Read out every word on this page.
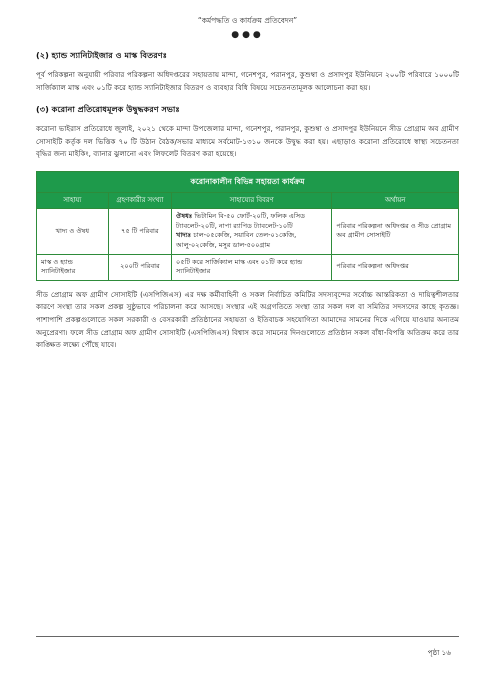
“কর্মপদ্ধতি ও কার্যক্রম প্রতিবেদন”
●●●
(২) হ্যান্ড স্যানিটাইজার ও মাস্ক বিতরণঃ

পূর্ব পরিকল্পনা অনুযায়ী পরিবার পরিকল্পনা অধিদপ্তরের সহায়তায় মান্দা, গনেশপুর, পরানপুর, কুশুম্বা ও প্রসাদপুর ইউনিয়নে ২০০টি পরিবারে ১০০০টি সার্জিক্যাল মাস্ক এবং ০১টি করে হ্যান্ড স্যানিটাইজার বিতরণ ও ব্যবহার বিধি বিষয়ে সচেতনতামূলক আলোচনা করা হয়।

(৩) করোনা প্রতিরোধমূলক উদ্বুদ্ধকরণ সভাঃ

করোনা ভাইরাস প্রতিরোধে জুলাই, ২০২১ থেকে মান্দা উপজেলার মান্দা, গনেশপুর, পরানপুর, কুশুম্বা ও প্রসাদপুর ইউনিয়নে সীড প্রোগ্রাম অব গ্রামীণ সোসাইটি কর্তৃক দল ভিত্তিক ৭০ টি উঠান বৈঠক/সভার মাধ্যমে সর্বমোট-১৩১০ জনকে উদ্বুদ্ধ করা হয়। এছাড়াও করোনা প্রতিরোধে স্বাস্থ্য সচেতনতা বৃদ্ধির জন্য মাইকিং, ব্যানার ঝুলানো এবং লিফলেট বিতরণ করা হয়েছে।

করোনাকালীন বিভিন্ন সহায়তা কার্যক্রম			
সাহায্য	গ্রহণকারীর সংখ্যা	সাহায্যের বিবরণ	অর্থায়ন
খাদ্য ও ঔষধ	৭৫ টি পরিবার	ঔষধঃ ভিটামিন বি-৫০ ফোর্ট-২০টি, ফলিক এসিড ট্যাবলেট-২০টি, নাপা র‌্যাপিড ট্যাবলেট-১০টি
খাদ্যঃ চাল-০৫কেজি, সয়াবিন তেল-০১কেজি, আলু-০২কেজি, মসুর ডাল-৫০০গ্রাম	পরিবার পরিকল্পনা অধিদপ্তর ও সীড প্রোগ্রাম অব গ্রামীণ সোসাইটি
মাস্ক ও হ্যান্ড স্যানিটাইজার	২০০টি পরিবার	০৫টি করে সার্জিক্যাল মাস্ক এবং ০১টি করে হ্যান্ড স্যানিটাইজার	পরিবার পরিকল্পনা অধিদপ্তর

সীড প্রোগ্রাম অফ গ্রামীণ সোসাইটি (এসপিজিএস) এর দক্ষ কর্মীবাহিনী ও সকল নির্বাচিত কমিটির সদস্যবৃন্দের সর্বোচ্চ আন্তরিকতা ও দায়িত্বশীলতার কারণে সংস্থা তার সকল প্রকল্প সুষ্ঠুভাবে পরিচালনা করে আসছে। সংস্থার এই অগ্রগতিতে সংস্থা তার সকল দল বা সমিতির সদস্যদের কাছে কৃতজ্ঞ। পাশাপাশি প্রকল্পগুলোতে সকল সরকারী ও বেসরকারী প্রতিষ্ঠানের সহায়তা ও ইতিবাচক সহযোগিতা আমাদের সামনের দিকে এগিয়ে যাওয়ার অন্যতম অনুপ্রেরণা। ফলে সীড প্রোগ্রাম অফ গ্রামীণ সোসাইটি (এসপিজিএস) বিশ্বাস করে সামনের দিনগুলোতে প্রতিষ্ঠান সকল বাঁধা-বিপত্তি অতিক্রম করে তার কাঙ্ক্ষিত লক্ষ্যে পৌঁছে যাবে।

পৃষ্ঠা ১৬
